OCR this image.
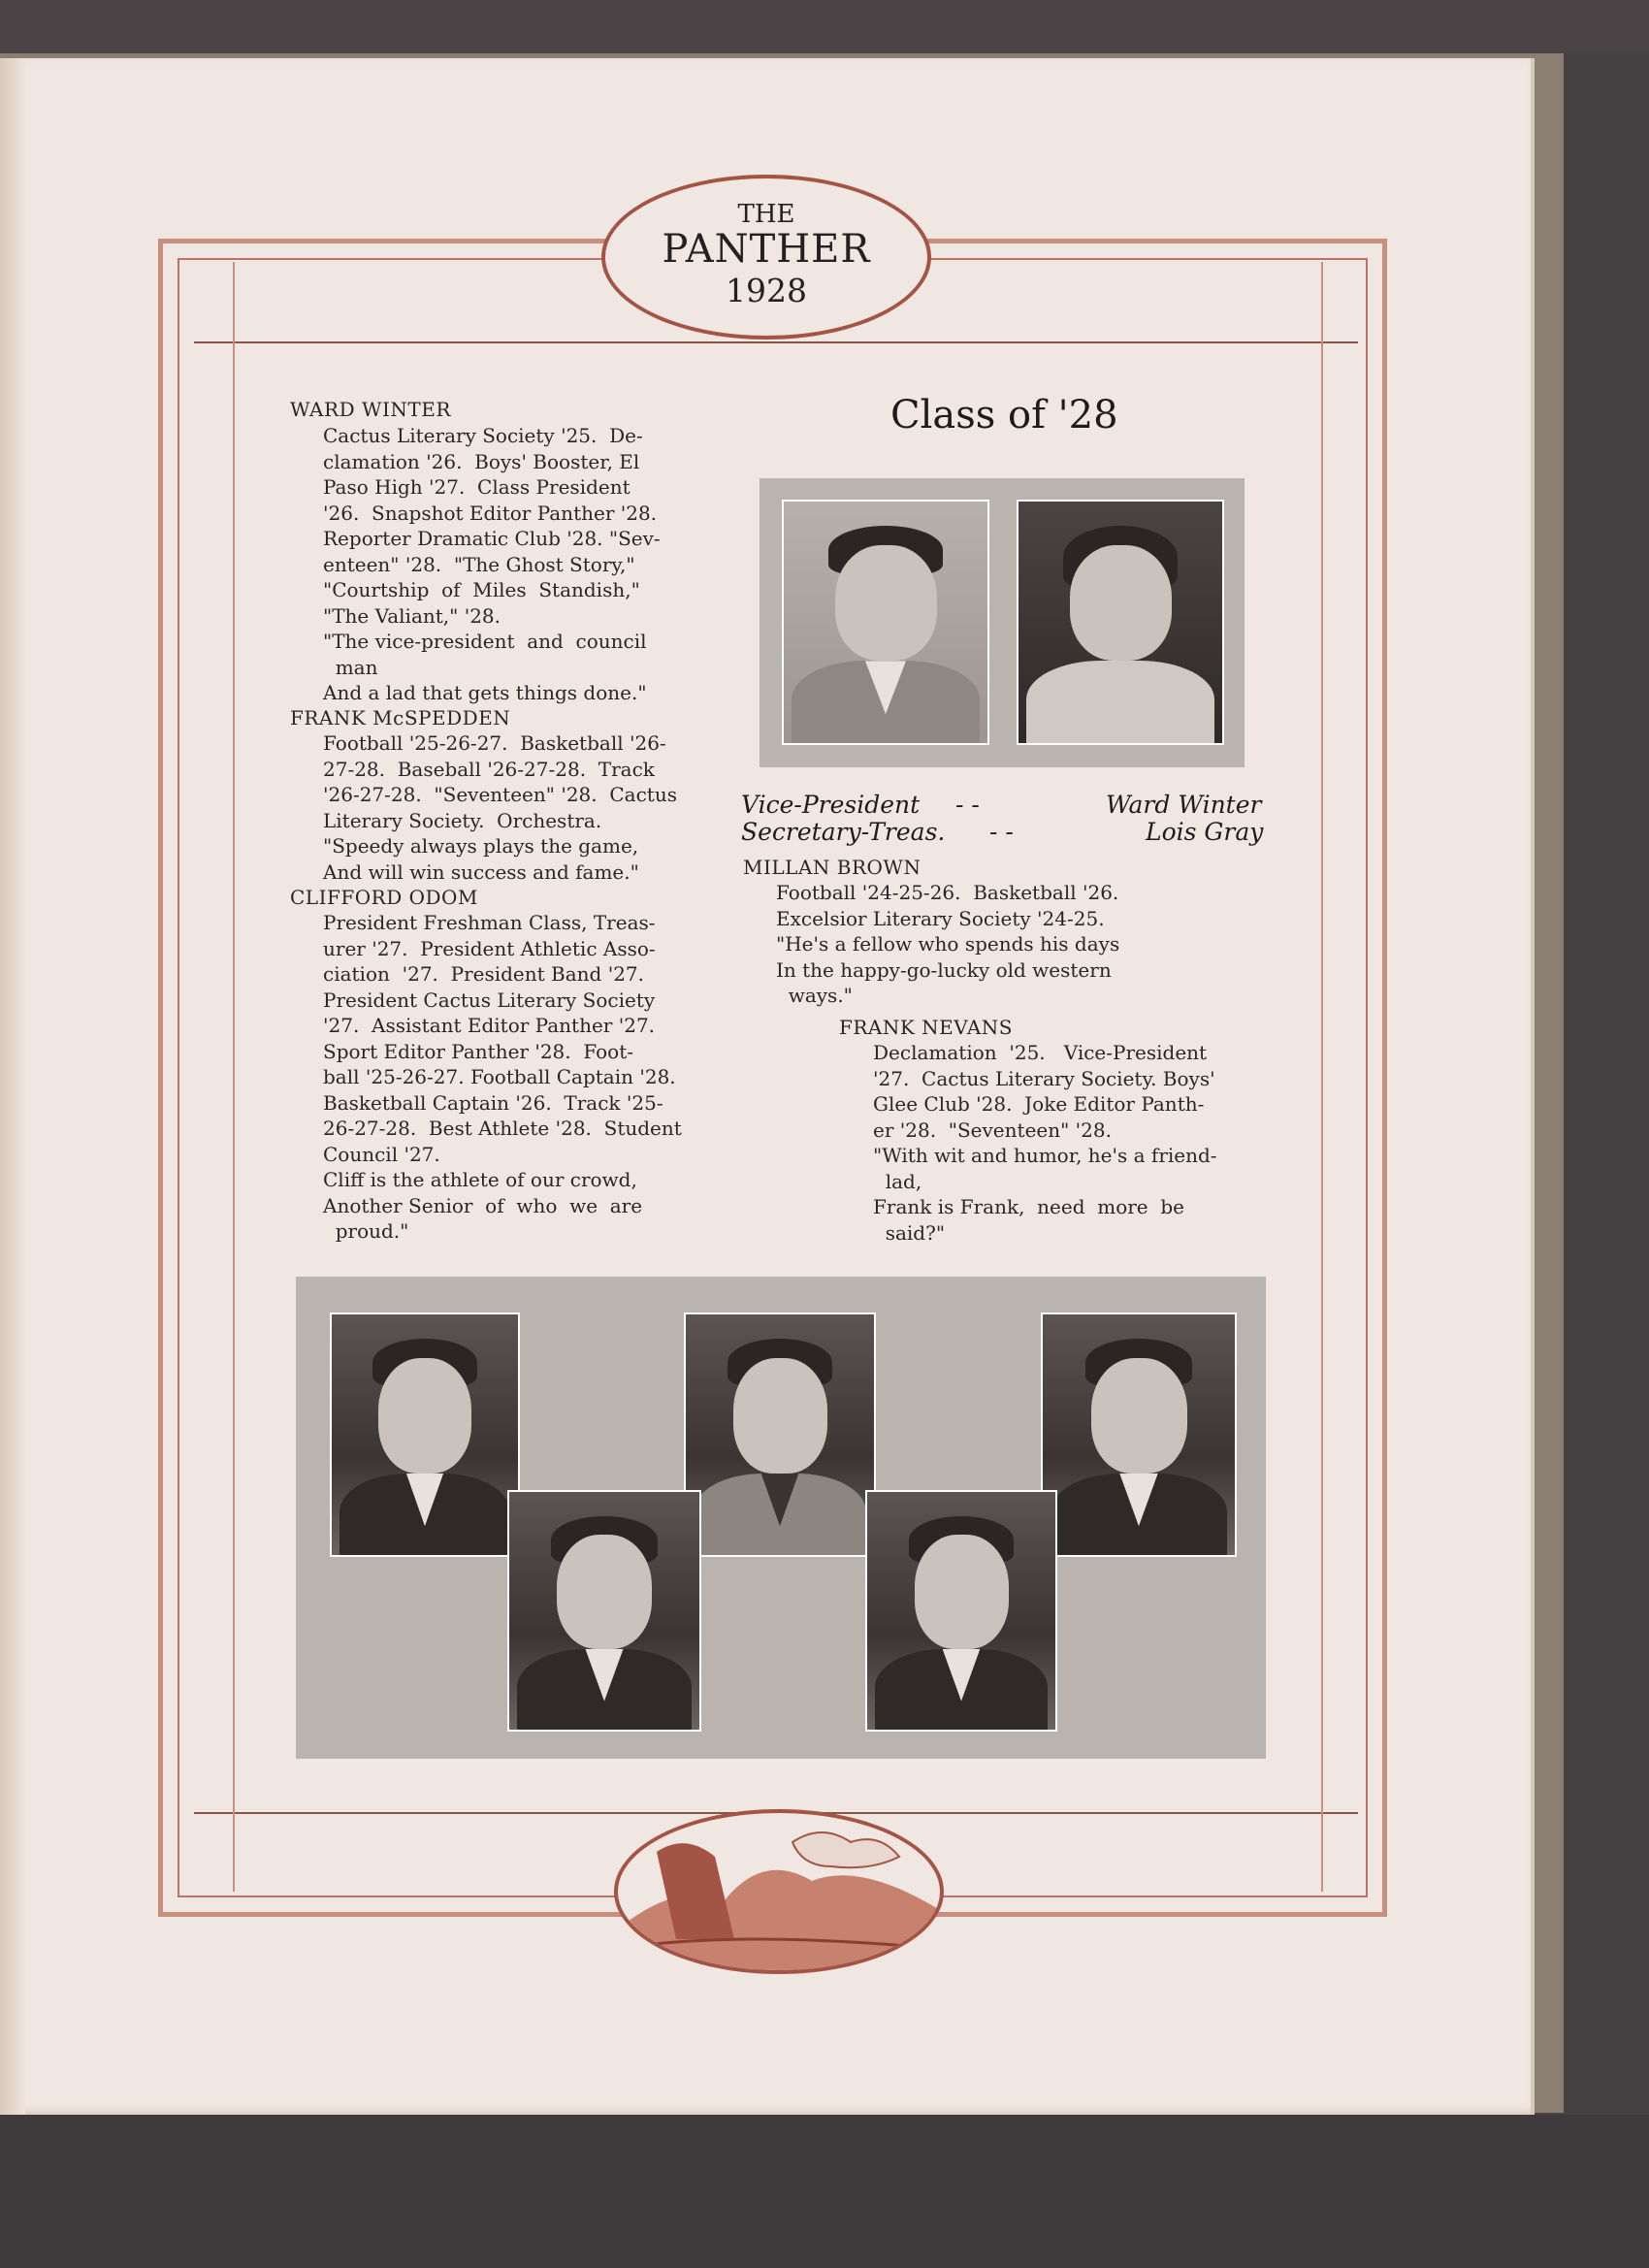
THE
PANTHER
1928
WARD WINTER
Cactus Literary Society '25.  De-
clamation '26.  Boys' Booster, El
Paso High '27.  Class President
'26.  Snapshot Editor Panther '28.
Reporter Dramatic Club '28. "Sev-
enteen" '28.  "The Ghost Story,"
"Courtship  of  Miles  Standish,"
"The Valiant," '28.
"The vice-president  and  council
man
And a lad that gets things done."
FRANK McSPEDDEN
Football '25-26-27.  Basketball '26-
27-28.  Baseball '26-27-28.  Track
'26-27-28.  "Seventeen" '28.  Cactus
Literary Society.  Orchestra.
"Speedy always plays the game,
And will win success and fame."
CLIFFORD ODOM
President Freshman Class, Treas-
urer '27.  President Athletic Asso-
ciation  '27.  President Band '27.
President Cactus Literary Society
'27.  Assistant Editor Panther '27.
Sport Editor Panther '28.  Foot-
ball '25-26-27. Football Captain '28.
Basketball Captain '26.  Track '25-
26-27-28.  Best Athlete '28.  Student
Council '27.
Cliff is the athlete of our crowd,
Another Senior  of  who  we  are
proud."
Class of '28
Vice-President - -	Ward Winter
Secretary-Treas. - -	Lois Gray
MILLAN BROWN
Football '24-25-26.  Basketball '26.
Excelsior Literary Society '24-25.
"He's a fellow who spends his days
In the happy-go-lucky old western
ways."
FRANK NEVANS
Declamation  '25.   Vice-President
'27.  Cactus Literary Society. Boys'
Glee Club '28.  Joke Editor Panth-
er '28.  "Seventeen" '28.
"With wit and humor, he's a friend-
lad,
Frank is Frank,  need  more  be
said?"
